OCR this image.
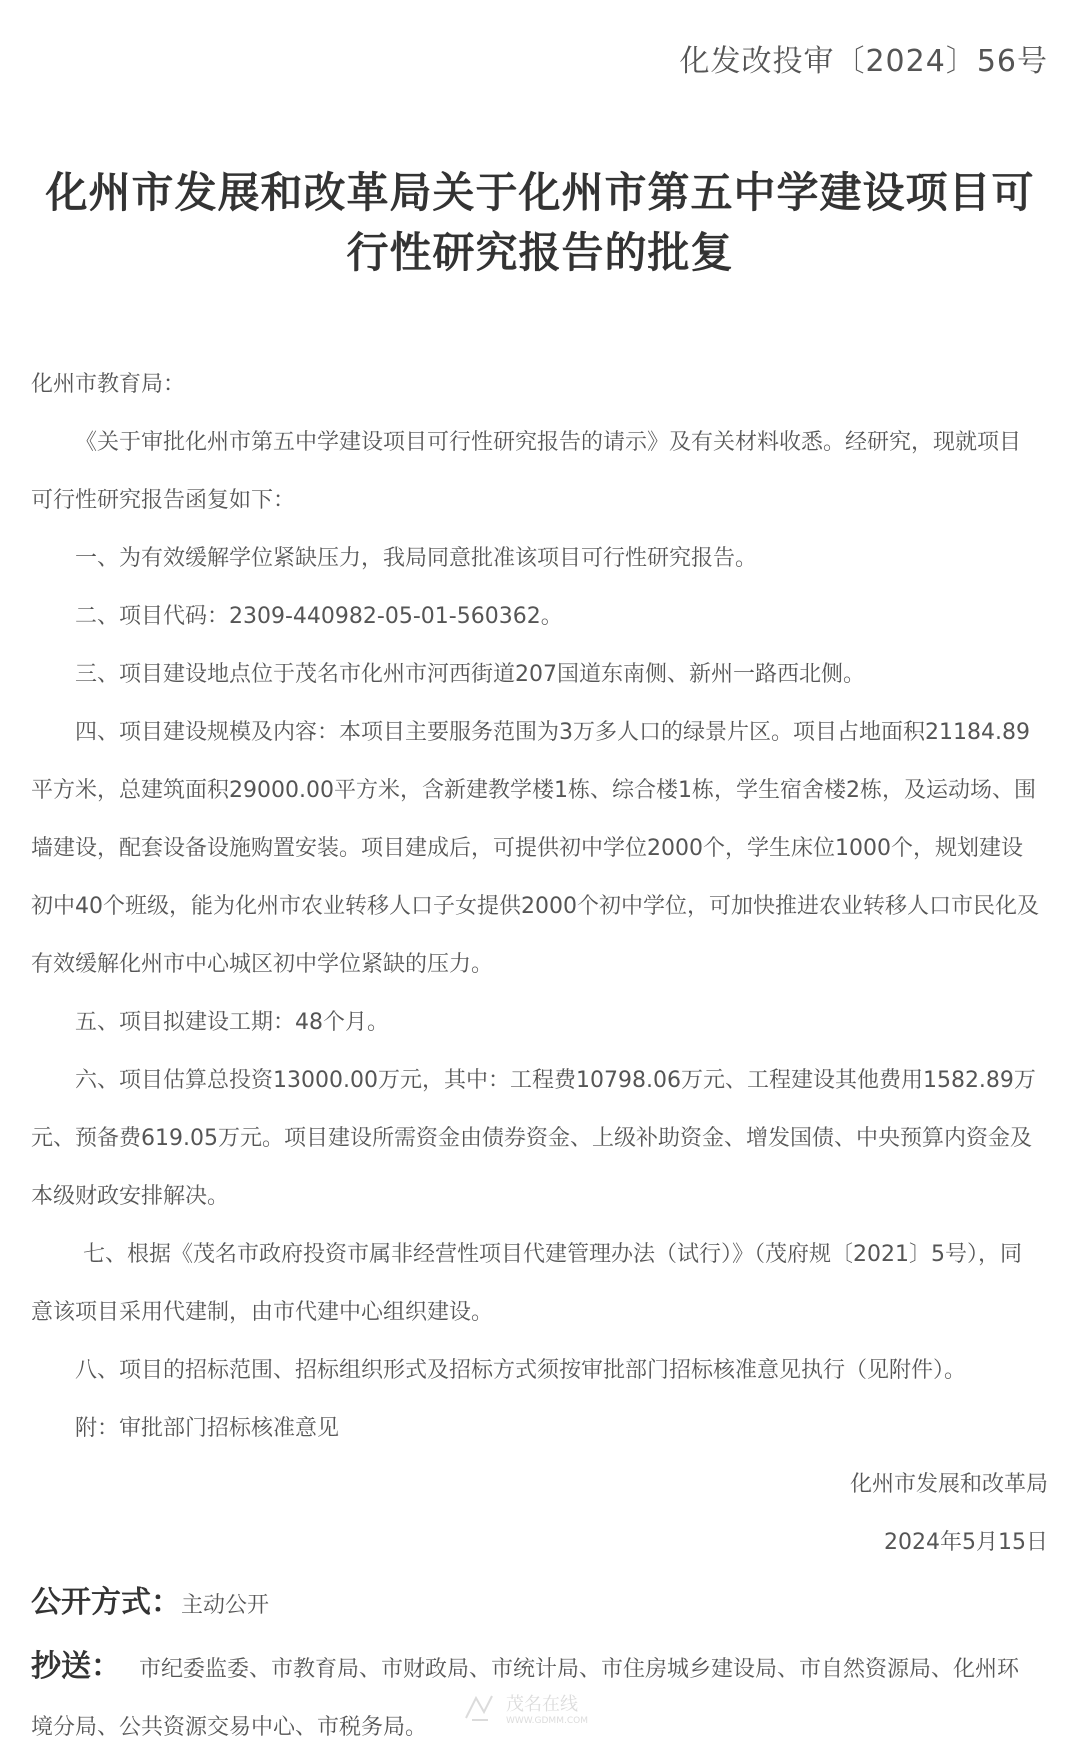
化发改投审〔2024〕56号
化州市发展和改革局关于化州市第五中学建设项目可行性研究报告的批复

化州市教育局：

《关于审批化州市第五中学建设项目可行性研究报告的请示》及有关材料收悉。经研究，现就项目可行性研究报告函复如下：

一、为有效缓解学位紧缺压力，我局同意批准该项目可行性研究报告。

二、项目代码：2309-440982-05-01-560362。

三、项目建设地点位于茂名市化州市河西街道207国道东南侧、新州一路西北侧。

四、项目建设规模及内容：本项目主要服务范围为3万多人口的绿景片区。项目占地面积21184.89平方米，总建筑面积29000.00平方米，含新建教学楼1栋、综合楼1栋，学生宿舍楼2栋，及运动场、围墙建设，配套设备设施购置安装。项目建成后，可提供初中学位2000个，学生床位1000个，规划建设初中40个班级，能为化州市农业转移人口子女提供2000个初中学位，可加快推进农业转移人口市民化及有效缓解化州市中心城区初中学位紧缺的压力。

五、项目拟建设工期：48个月。

六、项目估算总投资13000.00万元，其中：工程费10798.06万元、工程建设其他费用1582.89万元、预备费619.05万元。项目建设所需资金由债券资金、上级补助资金、增发国债、中央预算内资金及本级财政安排解决。

七、根据《茂名市政府投资市属非经营性项目代建管理办法（试行）》（茂府规〔2021〕5号），同意该项目采用代建制，由市代建中心组织建设。

八、项目的招标范围、招标组织形式及招标方式须按审批部门招标核准意见执行（见附件）。

附：审批部门招标核准意见

化州市发展和改革局
2024年5月15日
公开方式：主动公开
抄送： 市纪委监委、市教育局、市财政局、市统计局、市住房城乡建设局、市自然资源局、化州环境分局、公共资源交易中心、市税务局。
茂名在线
WWW.GDMM.COM
